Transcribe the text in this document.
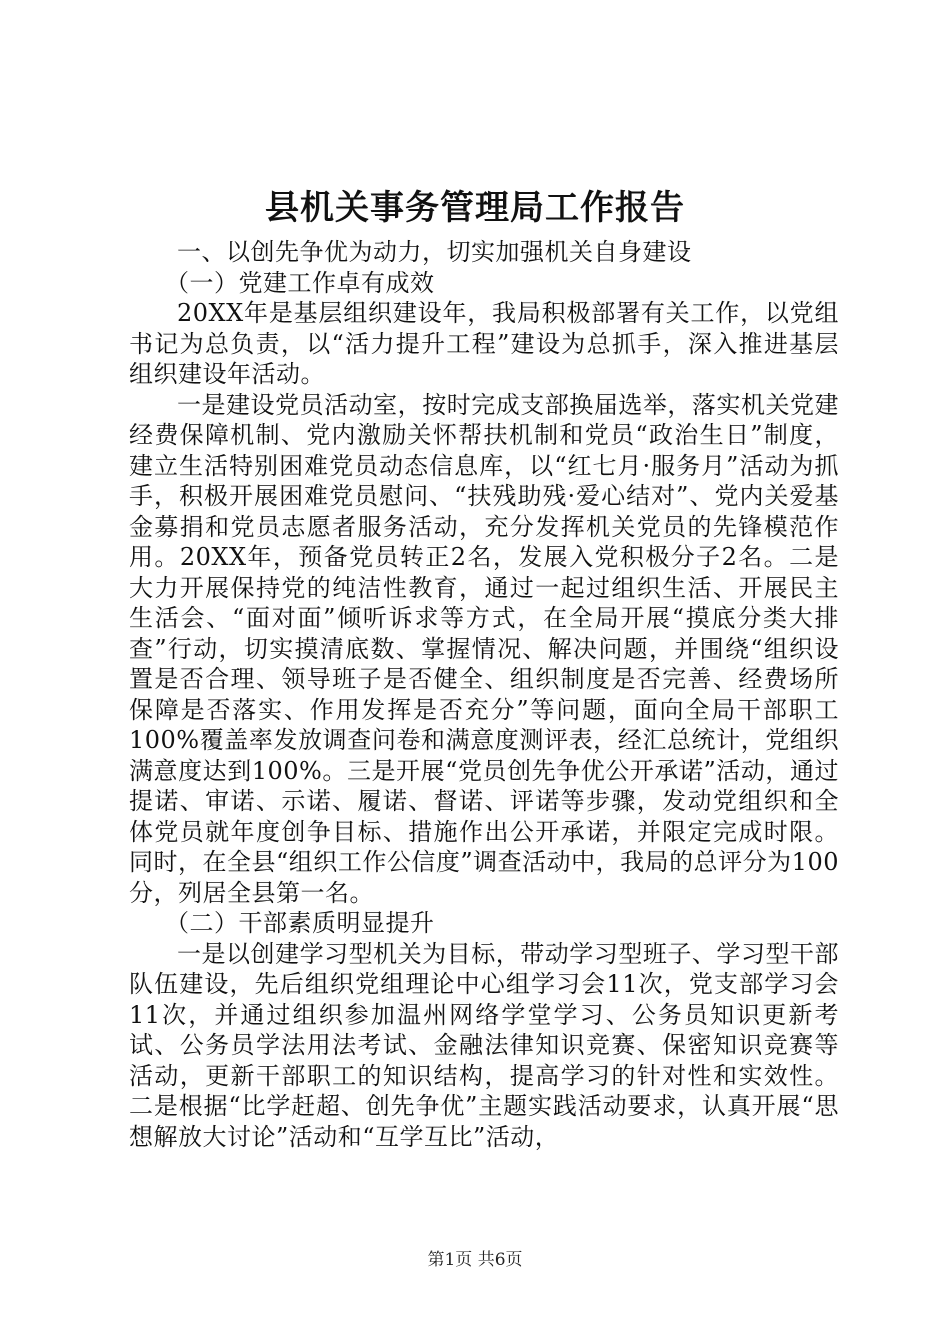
县机关事务管理局工作报告

一、以创先争优为动力，切实加强机关自身建设

（一）党建工作卓有成效

20XX年是基层组织建设年，我局积极部署有关工作，以党组书记为总负责，以“活力提升工程”建设为总抓手，深入推进基层组织建设年活动。

一是建设党员活动室，按时完成支部换届选举，落实机关党建经费保障机制、党内激励关怀帮扶机制和党员“政治生日”制度，建立生活特别困难党员动态信息库，以“红七月·服务月”活动为抓手，积极开展困难党员慰问、“扶残助残·爱心结对”、党内关爱基金募捐和党员志愿者服务活动，充分发挥机关党员的先锋模范作用。20XX年，预备党员转正2名，发展入党积极分子2名。二是大力开展保持党的纯洁性教育，通过一起过组织生活、开展民主生活会、“面对面”倾听诉求等方式，在全局开展“摸底分类大排查”行动，切实摸清底数、掌握情况、解决问题，并围绕“组织设置是否合理、领导班子是否健全、组织制度是否完善、经费场所保障是否落实、作用发挥是否充分”等问题，面向全局干部职工100%覆盖率发放调查问卷和满意度测评表，经汇总统计，党组织满意度达到100%。三是开展“党员创先争优公开承诺”活动，通过提诺、审诺、示诺、履诺、督诺、评诺等步骤，发动党组织和全体党员就年度创争目标、措施作出公开承诺，并限定完成时限。同时，在全县“组织工作公信度”调查活动中，我局的总评分为100分，列居全县第一名。

（二）干部素质明显提升

一是以创建学习型机关为目标，带动学习型班子、学习型干部队伍建设，先后组织党组理论中心组学习会11次，党支部学习会11次，并通过组织参加温州网络学堂学习、公务员知识更新考试、公务员学法用法考试、金融法律知识竞赛、保密知识竞赛等活动，更新干部职工的知识结构，提高学习的针对性和实效性。二是根据“比学赶超、创先争优”主题实践活动要求，认真开展“思想解放大讨论”活动和“互学互比”活动，

第1页 共6页
